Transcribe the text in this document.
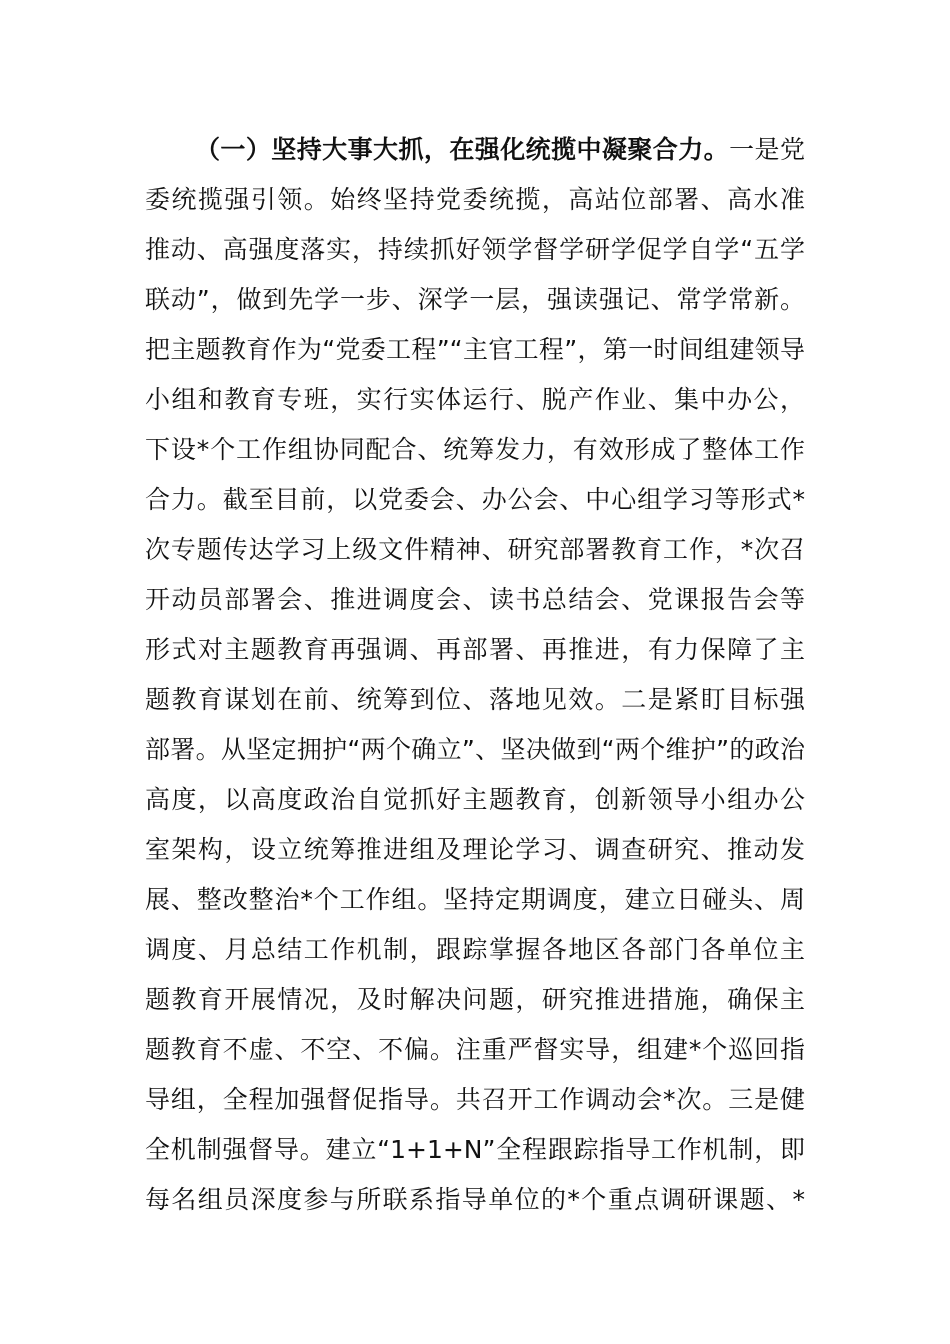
（一）坚持大事大抓，在强化统揽中凝聚合力。一是党
委统揽强引领。始终坚持党委统揽，高站位部署、高水准
推动、高强度落实，持续抓好领学督学研学促学自学“五学
联动”，做到先学一步、深学一层，强读强记、常学常新。
把主题教育作为“党委工程”“主官工程”，第一时间组建领导
小组和教育专班，实行实体运行、脱产作业、集中办公，
下设*个工作组协同配合、统筹发力，有效形成了整体工作
合力。截至目前，以党委会、办公会、中心组学习等形式*
次专题传达学习上级文件精神、研究部署教育工作，*次召
开动员部署会、推进调度会、读书总结会、党课报告会等
形式对主题教育再强调、再部署、再推进，有力保障了主
题教育谋划在前、统筹到位、落地见效。二是紧盯目标强
部署。从坚定拥护“两个确立”、坚决做到“两个维护”的政治
高度，以高度政治自觉抓好主题教育，创新领导小组办公
室架构，设立统筹推进组及理论学习、调查研究、推动发
展、整改整治*个工作组。坚持定期调度，建立日碰头、周
调度、月总结工作机制，跟踪掌握各地区各部门各单位主
题教育开展情况，及时解决问题，研究推进措施，确保主
题教育不虚、不空、不偏。注重严督实导，组建*个巡回指
导组，全程加强督促指导。共召开工作调动会*次。三是健
全机制强督导。建立“1+1+N”全程跟踪指导工作机制，即
每名组员深度参与所联系指导单位的*个重点调研课题、*
